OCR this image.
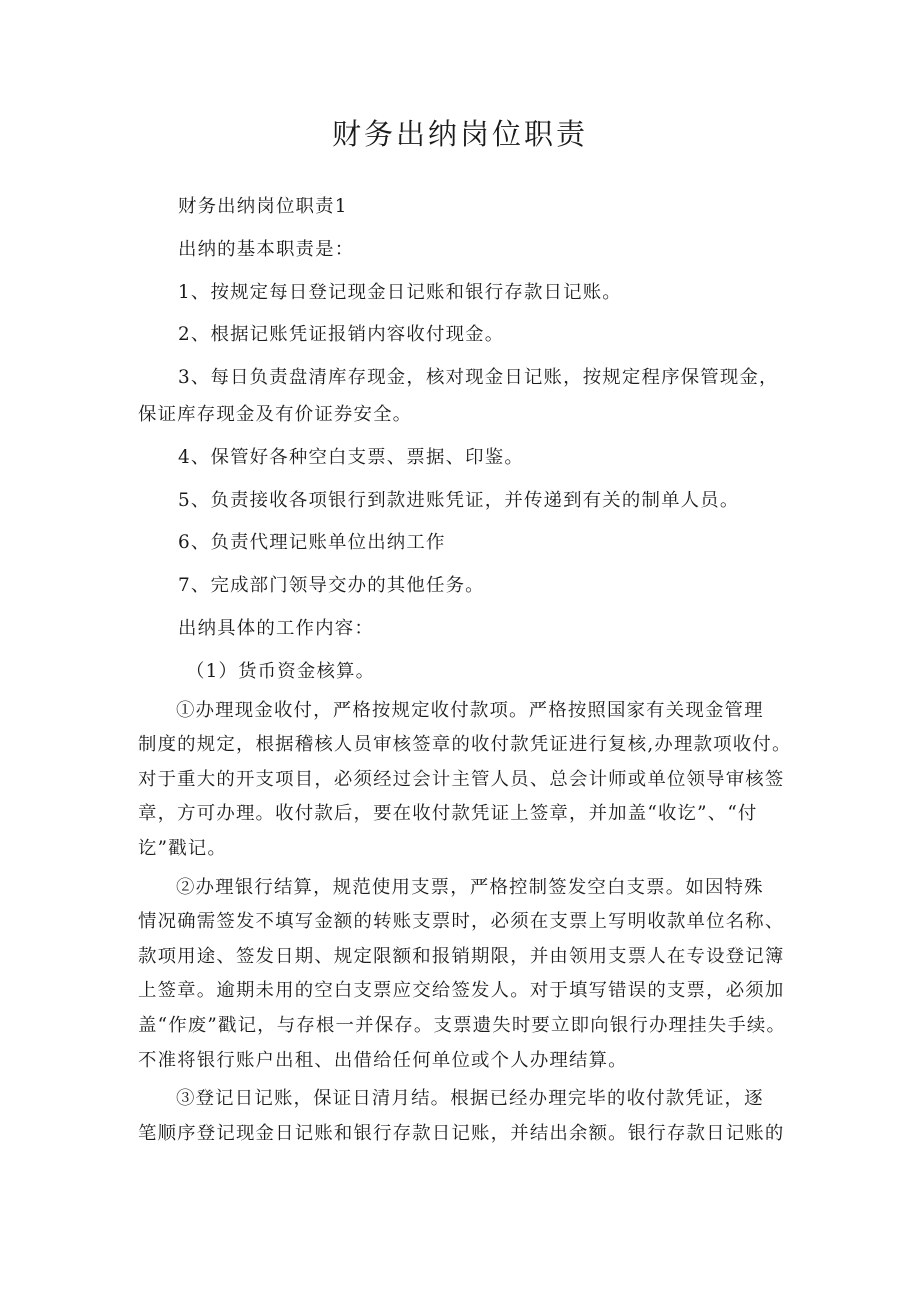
财务出纳岗位职责

财务出纳岗位职责1

出纳的基本职责是：

1、按规定每日登记现金日记账和银行存款日记账。

2、根据记账凭证报销内容收付现金。

3、每日负责盘清库存现金，核对现金日记账，按规定程序保管现金，

保证库存现金及有价证券安全。

4、保管好各种空白支票、票据、印鉴。

5、负责接收各项银行到款进账凭证，并传递到有关的制单人员。

6、负责代理记账单位出纳工作

7、完成部门领导交办的其他任务。

出纳具体的工作内容：

（1）货币资金核算。

①办理现金收付，严格按规定收付款项。严格按照国家有关现金管理
制度的规定，根据稽核人员审核签章的收付款凭证进行复核,办理款项收付。
对于重大的开支项目，必须经过会计主管人员、总会计师或单位领导审核签
章，方可办理。收付款后，要在收付款凭证上签章，并加盖“收讫”、“付
讫”戳记。
②办理银行结算，规范使用支票，严格控制签发空白支票。如因特殊
情况确需签发不填写金额的转账支票时，必须在支票上写明收款单位名称、
款项用途、签发日期、规定限额和报销期限，并由领用支票人在专设登记簿
上签章。逾期未用的空白支票应交给签发人。对于填写错误的支票，必须加
盖“作废”戳记，与存根一并保存。支票遗失时要立即向银行办理挂失手续。
不准将银行账户出租、出借给任何单位或个人办理结算。
③登记日记账，保证日清月结。根据已经办理完毕的收付款凭证，逐
笔顺序登记现金日记账和银行存款日记账，并结出余额。银行存款日记账的
